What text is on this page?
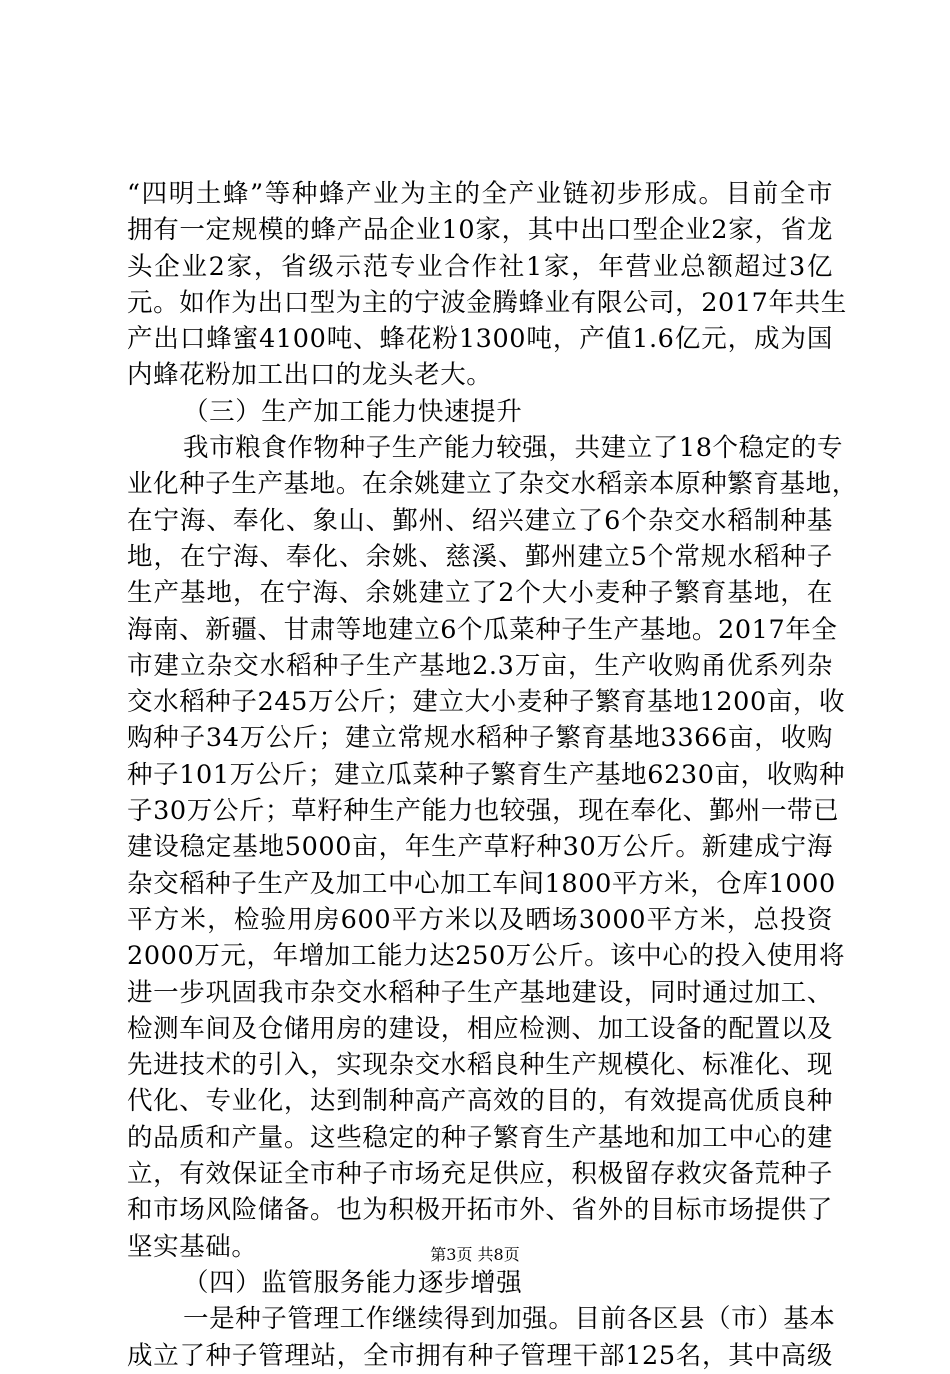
“四明土蜂”等种蜂产业为主的全产业链初步形成。目前全市
拥有一定规模的蜂产品企业10家，其中出口型企业2家，省龙
头企业2家，省级示范专业合作社1家，年营业总额超过3亿
元。如作为出口型为主的宁波金腾蜂业有限公司，2017年共生
产出口蜂蜜4100吨、蜂花粉1300吨，产值1.6亿元，成为国
内蜂花粉加工出口的龙头老大。
（三）生产加工能力快速提升
我市粮食作物种子生产能力较强，共建立了18个稳定的专
业化种子生产基地。在余姚建立了杂交水稻亲本原种繁育基地，
在宁海、奉化、象山、鄞州、绍兴建立了6个杂交水稻制种基
地，在宁海、奉化、余姚、慈溪、鄞州建立5个常规水稻种子
生产基地，在宁海、余姚建立了2个大小麦种子繁育基地，在
海南、新疆、甘肃等地建立6个瓜菜种子生产基地。2017年全
市建立杂交水稻种子生产基地2.3万亩，生产收购甬优系列杂
交水稻种子245万公斤；建立大小麦种子繁育基地1200亩，收
购种子34万公斤；建立常规水稻种子繁育基地3366亩，收购
种子101万公斤；建立瓜菜种子繁育生产基地6230亩，收购种
子30万公斤；草籽种生产能力也较强，现在奉化、鄞州一带已
建设稳定基地5000亩，年生产草籽种30万公斤。新建成宁海
杂交稻种子生产及加工中心加工车间1800平方米，仓库1000
平方米，检验用房600平方米以及晒场3000平方米，总投资
2000万元，年增加工能力达250万公斤。该中心的投入使用将
进一步巩固我市杂交水稻种子生产基地建设，同时通过加工、
检测车间及仓储用房的建设，相应检测、加工设备的配置以及
先进技术的引入，实现杂交水稻良种生产规模化、标准化、现
代化、专业化，达到制种高产高效的目的，有效提高优质良种
的品质和产量。这些稳定的种子繁育生产基地和加工中心的建
立，有效保证全市种子市场充足供应，积极留存救灾备荒种子
和市场风险储备。也为积极开拓市外、省外的目标市场提供了
坚实基础。
（四）监管服务能力逐步增强
一是种子管理工作继续得到加强。目前各区县（市）基本
成立了种子管理站，全市拥有种子管理干部125名，其中高级
第3页 共8页
